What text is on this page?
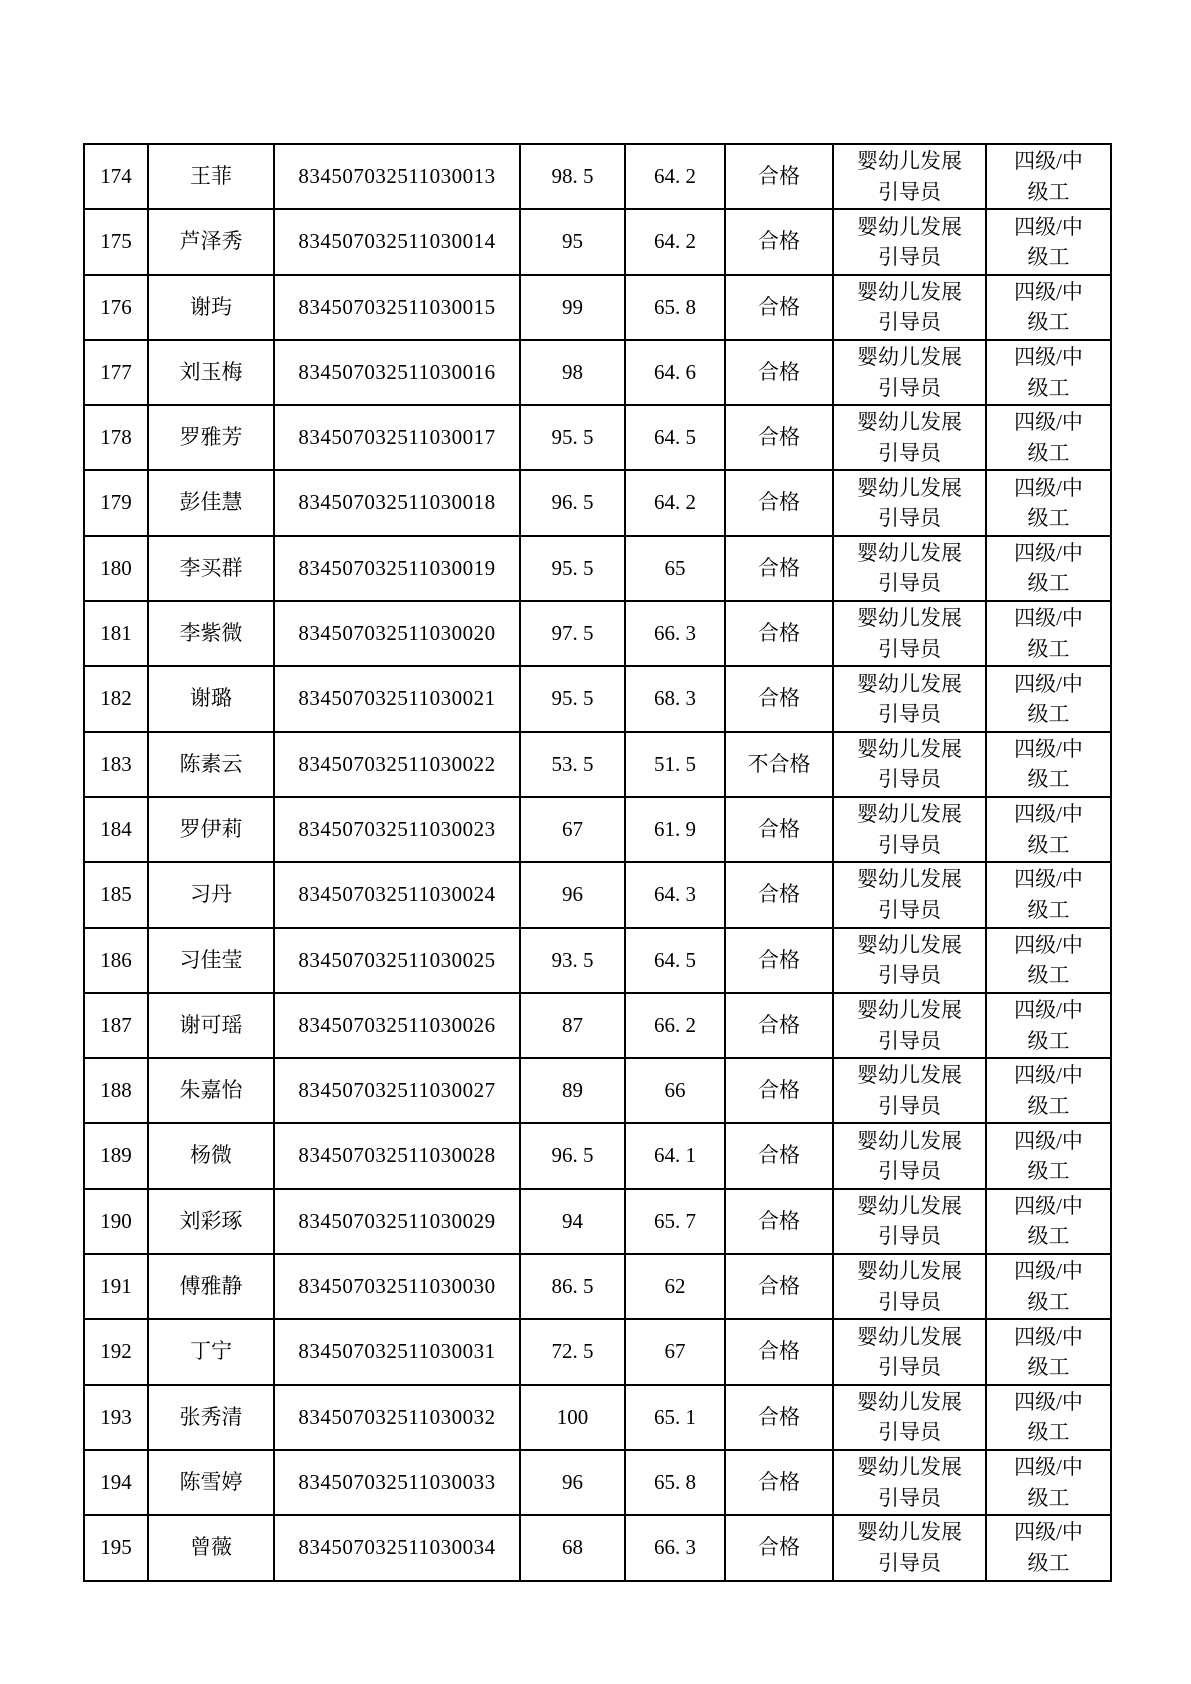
174	王菲	834507032511030013	98. 5	64. 2	合格	婴幼儿发展引导员	四级/中级工
175	芦泽秀	834507032511030014	95	64. 2	合格	婴幼儿发展引导员	四级/中级工
176	谢玙	834507032511030015	99	65. 8	合格	婴幼儿发展引导员	四级/中级工
177	刘玉梅	834507032511030016	98	64. 6	合格	婴幼儿发展引导员	四级/中级工
178	罗雅芳	834507032511030017	95. 5	64. 5	合格	婴幼儿发展引导员	四级/中级工
179	彭佳慧	834507032511030018	96. 5	64. 2	合格	婴幼儿发展引导员	四级/中级工
180	李买群	834507032511030019	95. 5	65	合格	婴幼儿发展引导员	四级/中级工
181	李紫微	834507032511030020	97. 5	66. 3	合格	婴幼儿发展引导员	四级/中级工
182	谢璐	834507032511030021	95. 5	68. 3	合格	婴幼儿发展引导员	四级/中级工
183	陈素云	834507032511030022	53. 5	51. 5	不合格	婴幼儿发展引导员	四级/中级工
184	罗伊莉	834507032511030023	67	61. 9	合格	婴幼儿发展引导员	四级/中级工
185	习丹	834507032511030024	96	64. 3	合格	婴幼儿发展引导员	四级/中级工
186	习佳莹	834507032511030025	93. 5	64. 5	合格	婴幼儿发展引导员	四级/中级工
187	谢可瑶	834507032511030026	87	66. 2	合格	婴幼儿发展引导员	四级/中级工
188	朱嘉怡	834507032511030027	89	66	合格	婴幼儿发展引导员	四级/中级工
189	杨微	834507032511030028	96. 5	64. 1	合格	婴幼儿发展引导员	四级/中级工
190	刘彩琢	834507032511030029	94	65. 7	合格	婴幼儿发展引导员	四级/中级工
191	傅雅静	834507032511030030	86. 5	62	合格	婴幼儿发展引导员	四级/中级工
192	丁宁	834507032511030031	72. 5	67	合格	婴幼儿发展引导员	四级/中级工
193	张秀清	834507032511030032	100	65. 1	合格	婴幼儿发展引导员	四级/中级工
194	陈雪婷	834507032511030033	96	65. 8	合格	婴幼儿发展引导员	四级/中级工
195	曾薇	834507032511030034	68	66. 3	合格	婴幼儿发展引导员	四级/中级工
